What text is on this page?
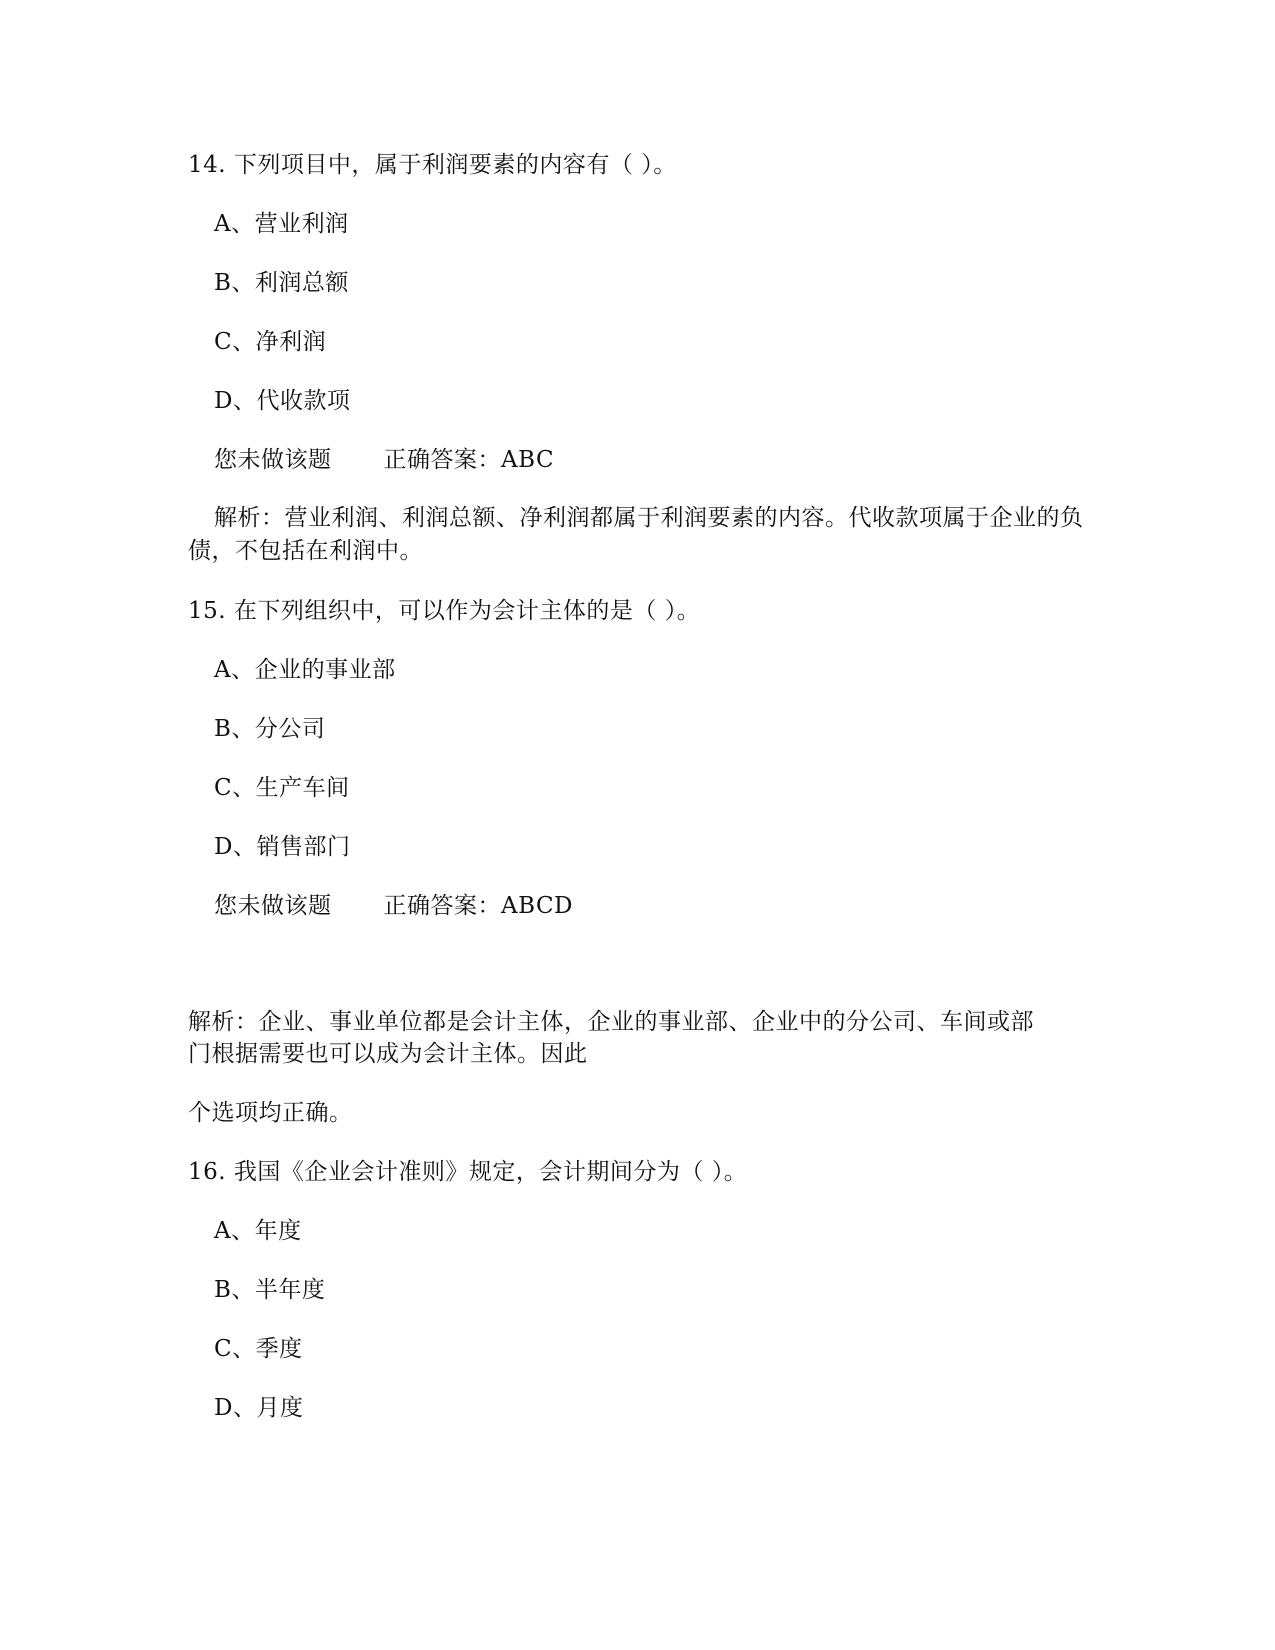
14. 下列项目中，属于利润要素的内容有（ ）。
A、营业利润
B、利润总额
C、净利润
D、代收款项
您未做该题 正确答案：ABC
解析：营业利润、利润总额、净利润都属于利润要素的内容。代收款项属于企业的负债，不包括在利润中。
15. 在下列组织中，可以作为会计主体的是（ ）。
A、企业的事业部
B、分公司
C、生产车间
D、销售部门
您未做该题 正确答案：ABCD
解析：企业、事业单位都是会计主体，企业的事业部、企业中的分公司、车间或部
门根据需要也可以成为会计主体。因此
个选项均正确。
16. 我国《企业会计准则》规定，会计期间分为（ ）。
A、年度
B、半年度
C、季度
D、月度
